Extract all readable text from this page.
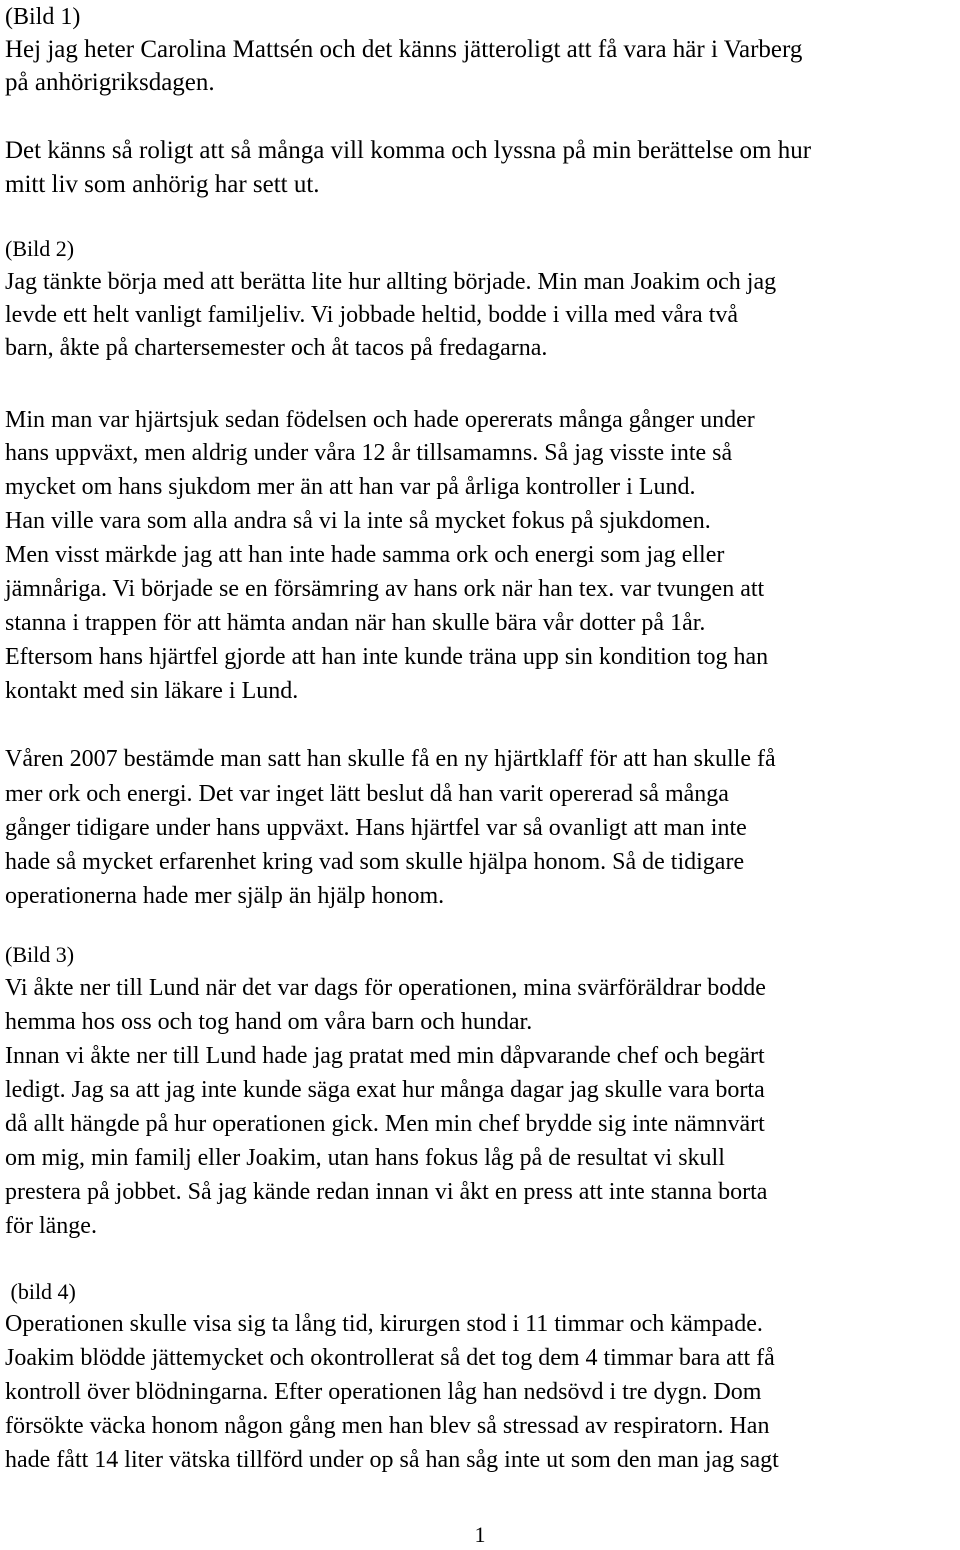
(Bild 1)
Hej jag heter Carolina Mattsén och det känns jätteroligt att få vara här i Varberg
på anhörigriksdagen.
Det känns så roligt att så många vill komma och lyssna på min berättelse om hur
mitt liv som anhörig har sett ut.
(Bild 2)
Jag tänkte börja med att berätta lite hur allting började. Min man Joakim och jag
levde ett helt vanligt familjeliv. Vi jobbade heltid, bodde i villa med våra två
barn, åkte på chartersemester och åt tacos på fredagarna.
Min man var hjärtsjuk sedan födelsen och hade opererats många gånger under
hans uppväxt, men aldrig under våra 12 år tillsamamns. Så jag visste inte så
mycket om hans sjukdom mer än att han var på årliga kontroller i Lund.
Han ville vara som alla andra så vi la inte så mycket fokus på sjukdomen.
Men visst märkde jag att han inte hade samma ork och energi som jag eller
jämnåriga. Vi började se en försämring av hans ork när han tex. var tvungen att
stanna i trappen för att hämta andan när han skulle bära vår dotter på 1år.
Eftersom hans hjärtfel gjorde att han inte kunde träna upp sin kondition tog han
kontakt med sin läkare i Lund.
Våren 2007 bestämde man satt han skulle få en ny hjärtklaff för att han skulle få
mer ork och energi. Det var inget lätt beslut då han varit opererad så många
gånger tidigare under hans uppväxt. Hans hjärtfel var så ovanligt att man inte
hade så mycket erfarenhet kring vad som skulle hjälpa honom. Så de tidigare
operationerna hade mer själp än hjälp honom.
(Bild 3)
Vi åkte ner till Lund när det var dags för operationen, mina svärföräldrar bodde
hemma hos oss och tog hand om våra barn och hundar.
Innan vi åkte ner till Lund hade jag pratat med min dåpvarande chef och begärt
ledigt. Jag sa att jag inte kunde säga exat hur många dagar jag skulle vara borta
då allt hängde på hur operationen gick. Men min chef brydde sig inte nämnvärt
om mig, min familj eller Joakim, utan hans fokus låg på de resultat vi skull
prestera på jobbet. Så jag kände redan innan vi åkt en press att inte stanna borta
för länge.
(bild 4)
Operationen skulle visa sig ta lång tid, kirurgen stod i 11 timmar och kämpade.
Joakim blödde jättemycket och okontrollerat så det tog dem 4 timmar bara att få
kontroll över blödningarna. Efter operationen låg han nedsövd i tre dygn. Dom
försökte väcka honom någon gång men han blev så stressad av respiratorn. Han
hade fått 14 liter vätska tillförd under op så han såg inte ut som den man jag sagt
1
